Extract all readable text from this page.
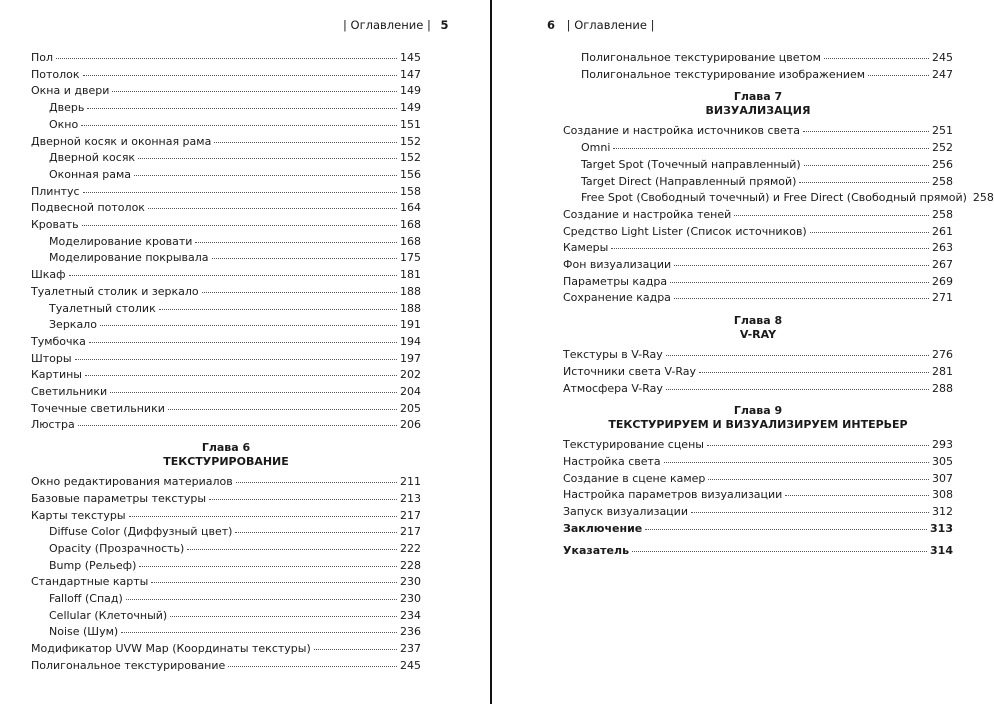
| Оглавление | 5
Пол	145
Потолок	147
Окна и двери	149
Дверь	149
Окно	151
Дверной косяк и оконная рама	152
Дверной косяк	152
Оконная рама	156
Плинтус	158
Подвесной потолок	164
Кровать	168
Моделирование кровати	168
Моделирование покрывала	175
Шкаф	181
Туалетный столик и зеркало	188
Туалетный столик	188
Зеркало	191
Тумбочка	194
Шторы	197
Картины	202
Светильники	204
Точечные светильники	205
Люстра	206
Глава 6
ТЕКСТУРИРОВАНИЕ
Окно редактирования материалов	211
Базовые параметры текстуры	213
Карты текстуры	217
Diffuse Color (Диффузный цвет)	217
Opacity (Прозрачность)	222
Bump (Рельеф)	228
Стандартные карты	230
Falloff (Спад)	230
Cellular (Клеточный)	234
Noise (Шум)	236
Модификатор UVW Map (Координаты текстуры)	237
Полигональное текстурирование	245
6 | Оглавление |
Полигональное текстурирование цветом	245
Полигональное текстурирование изображением	247
Глава 7
ВИЗУАЛИЗАЦИЯ
Создание и настройка источников света	251
Omni	252
Target Spot (Точечный направленный)	256
Target Direct (Направленный прямой)	258
Free Spot (Свободный точечный) и Free Direct (Свободный прямой) 258
Создание и настройка теней	258
Средство Light Lister (Список источников)	261
Камеры	263
Фон визуализации	267
Параметры кадра	269
Сохранение кадра	271
Глава 8
V-RAY
Текстуры в V-Ray	276
Источники света V-Ray	281
Атмосфера V-Ray	288
Глава 9
ТЕКСТУРИРУЕМ И ВИЗУАЛИЗИРУЕМ ИНТЕРЬЕР
Текстурирование сцены	293
Настройка света	305
Создание в сцене камер	307
Настройка параметров визуализации	308
Запуск визуализации	312
Заключение	313
Указатель	314
